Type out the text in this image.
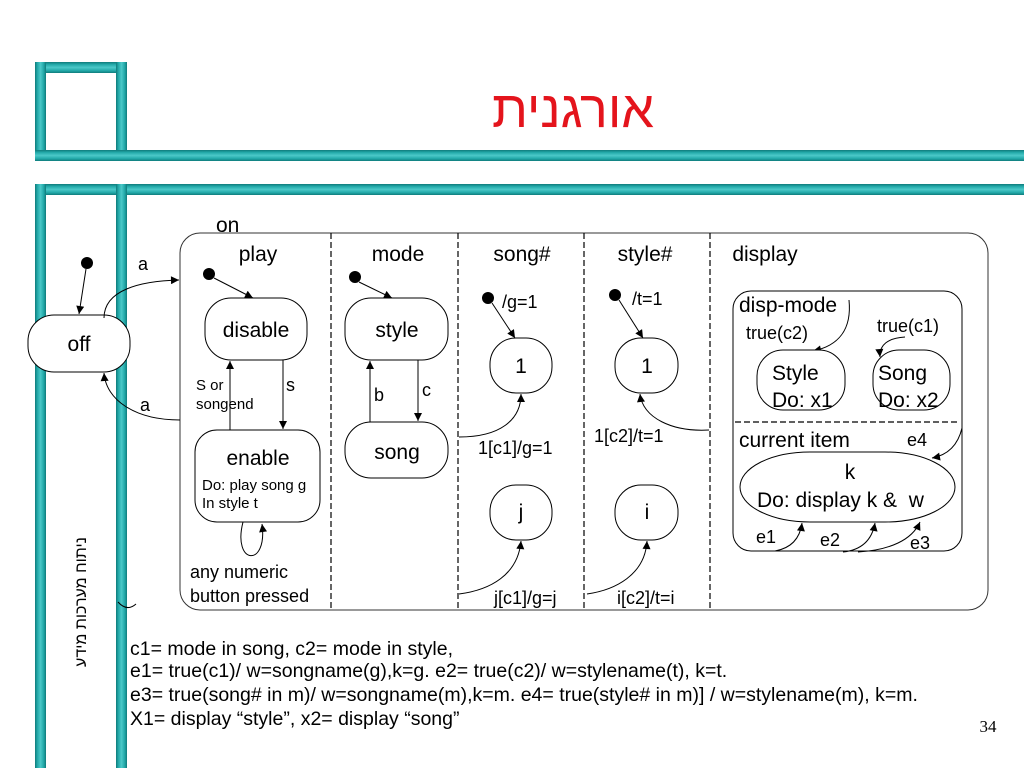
אורגנית
ניתוח מערכות מידע
34
on
play	mode	song#	style#	display
off
a
a
disable
enable
Do: play song g
In style t
s
S or
songend
any numeric
button pressed
style
song
b c
/g=1
1
j
1[c1]/g=1
j[c1]/g=j
/t=1
1
i
1[c2]/t=1
i[c2]/t=i
disp-mode
true(c2)	true(c1)
Style
Do: x1
Song
Do: x2
current item	e4
k
Do: display k &  w
e1 e2	e3
c1= mode in song, c2= mode in style,
e1= true(c1)/ w=songname(g),k=g. e2= true(c2)/ w=stylename(t), k=t.
e3= true(song# in m)/ w=songname(m),k=m. e4= true(style# in m)] / w=stylename(m), k=m.
X1= display “style”, x2= display “song”
